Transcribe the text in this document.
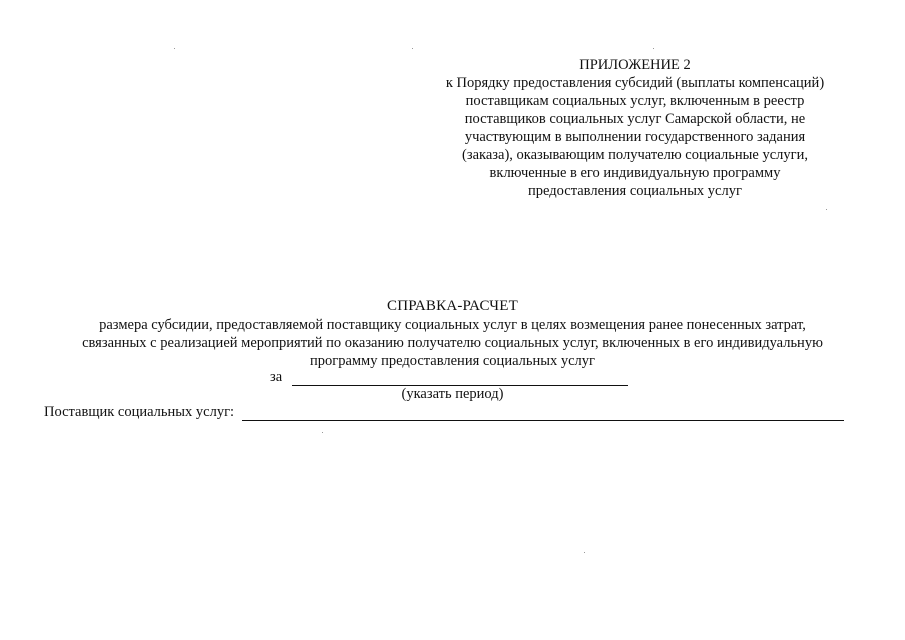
ПРИЛОЖЕНИЕ 2
к Порядку предоставления субсидий (выплаты компенсаций)
поставщикам социальных услуг, включенным в реестр
поставщиков социальных услуг Самарской области, не
участвующим в выполнении государственного задания
(заказа), оказывающим получателю социальные услуги,
включенные в его индивидуальную программу
предоставления социальных услуг
СПРАВКА-РАСЧЕТ
размера субсидии, предоставляемой поставщику социальных услуг в целях возмещения ранее понесенных затрат,
связанных с реализацией мероприятий по оказанию получателю социальных услуг, включенных в его индивидуальную
программу предоставления социальных услуг
за
(указать период)
Поставщик социальных услуг:
